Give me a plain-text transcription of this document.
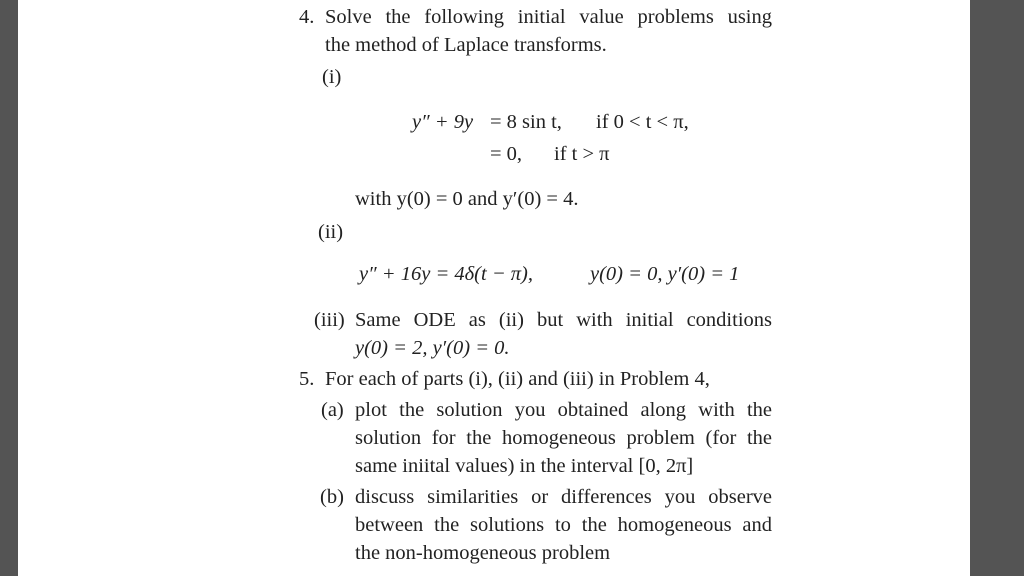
4. Solve the following initial value problems using
the method of Laplace transforms.
(i)
y″ + 9y = 8 sin t, if 0 < t < π,
= 0, if t > π
with y(0) = 0 and y′(0) = 4.
(ii)
y″ + 16y = 4δ(t − π),	y(0) = 0, y′(0) = 1
(iii) Same ODE as (ii) but with initial conditions
y(0) = 2, y′(0) = 0.
5. For each of parts (i), (ii) and (iii) in Problem 4,
(a) plot the solution you obtained along with the
solution for the homogeneous problem (for the
same iniital values) in the interval [0, 2π]
(b) discuss similarities or differences you observe
between the solutions to the homogeneous and
the non-homogeneous problem
